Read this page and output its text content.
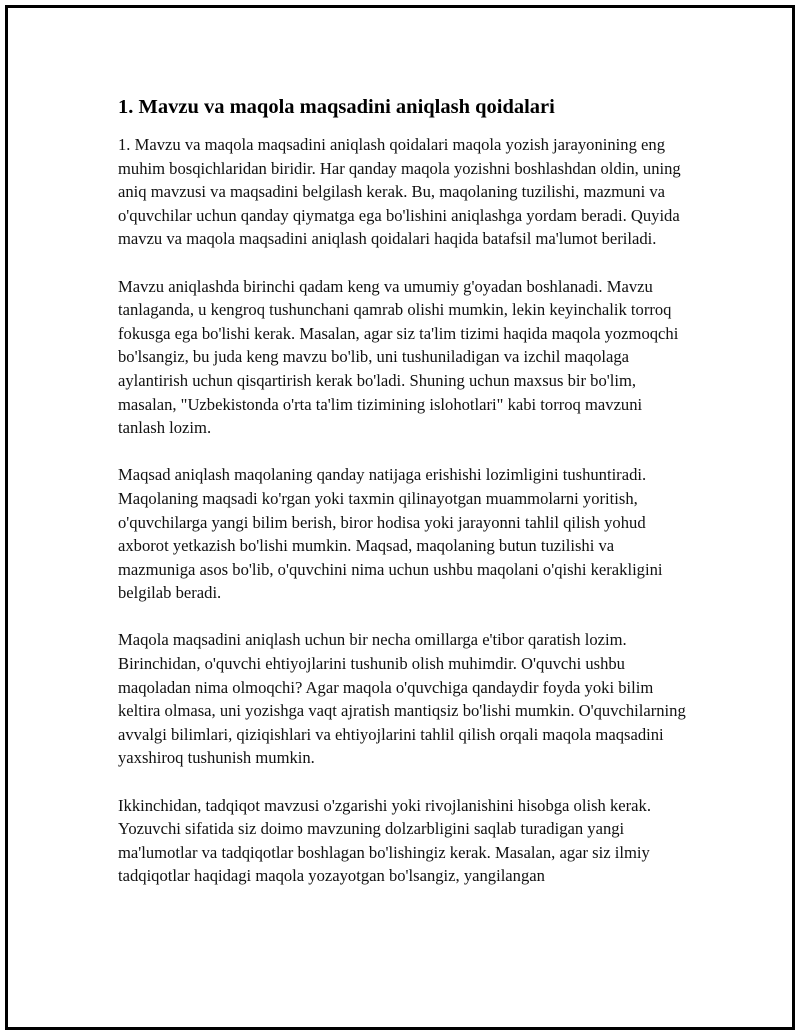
1. Mavzu va maqola maqsadini aniqlash qoidalari

1. Mavzu va maqola maqsadini aniqlash qoidalari maqola yozish jarayonining eng muhim bosqichlaridan biridir. Har qanday maqola yozishni boshlashdan oldin, uning aniq mavzusi va maqsadini belgilash kerak. Bu, maqolaning tuzilishi, mazmuni va o'quvchilar uchun qanday qiymatga ega bo'lishini aniqlashga yordam beradi. Quyida mavzu va maqola maqsadini aniqlash qoidalari haqida batafsil ma'lumot beriladi.

Mavzu aniqlashda birinchi qadam keng va umumiy g'oyadan boshlanadi. Mavzu tanlaganda, u kengroq tushunchani qamrab olishi mumkin, lekin keyinchalik torroq fokusga ega bo'lishi kerak. Masalan, agar siz ta'lim tizimi haqida maqola yozmoqchi bo'lsangiz, bu juda keng mavzu bo'lib, uni tushuniladigan va izchil maqolaga aylantirish uchun qisqartirish kerak bo'ladi. Shuning uchun maxsus bir bo'lim, masalan, "Uzbekistonda o'rta ta'lim tizimining islohotlari" kabi torroq mavzuni tanlash lozim.

Maqsad aniqlash maqolaning qanday natijaga erishishi lozimligini tushuntiradi. Maqolaning maqsadi ko'rgan yoki taxmin qilinayotgan muammolarni yoritish, o'quvchilarga yangi bilim berish, biror hodisa yoki jarayonni tahlil qilish yohud axborot yetkazish bo'lishi mumkin. Maqsad, maqolaning butun tuzilishi va mazmuniga asos bo'lib, o'quvchini nima uchun ushbu maqolani o'qishi kerakligini belgilab beradi.

Maqola maqsadini aniqlash uchun bir necha omillarga e'tibor qaratish lozim. Birinchidan, o'quvchi ehtiyojlarini tushunib olish muhimdir. O'quvchi ushbu maqoladan nima olmoqchi? Agar maqola o'quvchiga qandaydir foyda yoki bilim keltira olmasa, uni yozishga vaqt ajratish mantiqsiz bo'lishi mumkin. O'quvchilarning avvalgi bilimlari, qiziqishlari va ehtiyojlarini tahlil qilish orqali maqola maqsadini yaxshiroq tushunish mumkin.

Ikkinchidan, tadqiqot mavzusi o'zgarishi yoki rivojlanishini hisobga olish kerak. Yozuvchi sifatida siz doimo mavzuning dolzarbligini saqlab turadigan yangi ma'lumotlar va tadqiqotlar boshlagan bo'lishingiz kerak. Masalan, agar siz ilmiy tadqiqotlar haqidagi maqola yozayotgan bo'lsangiz, yangilangan
